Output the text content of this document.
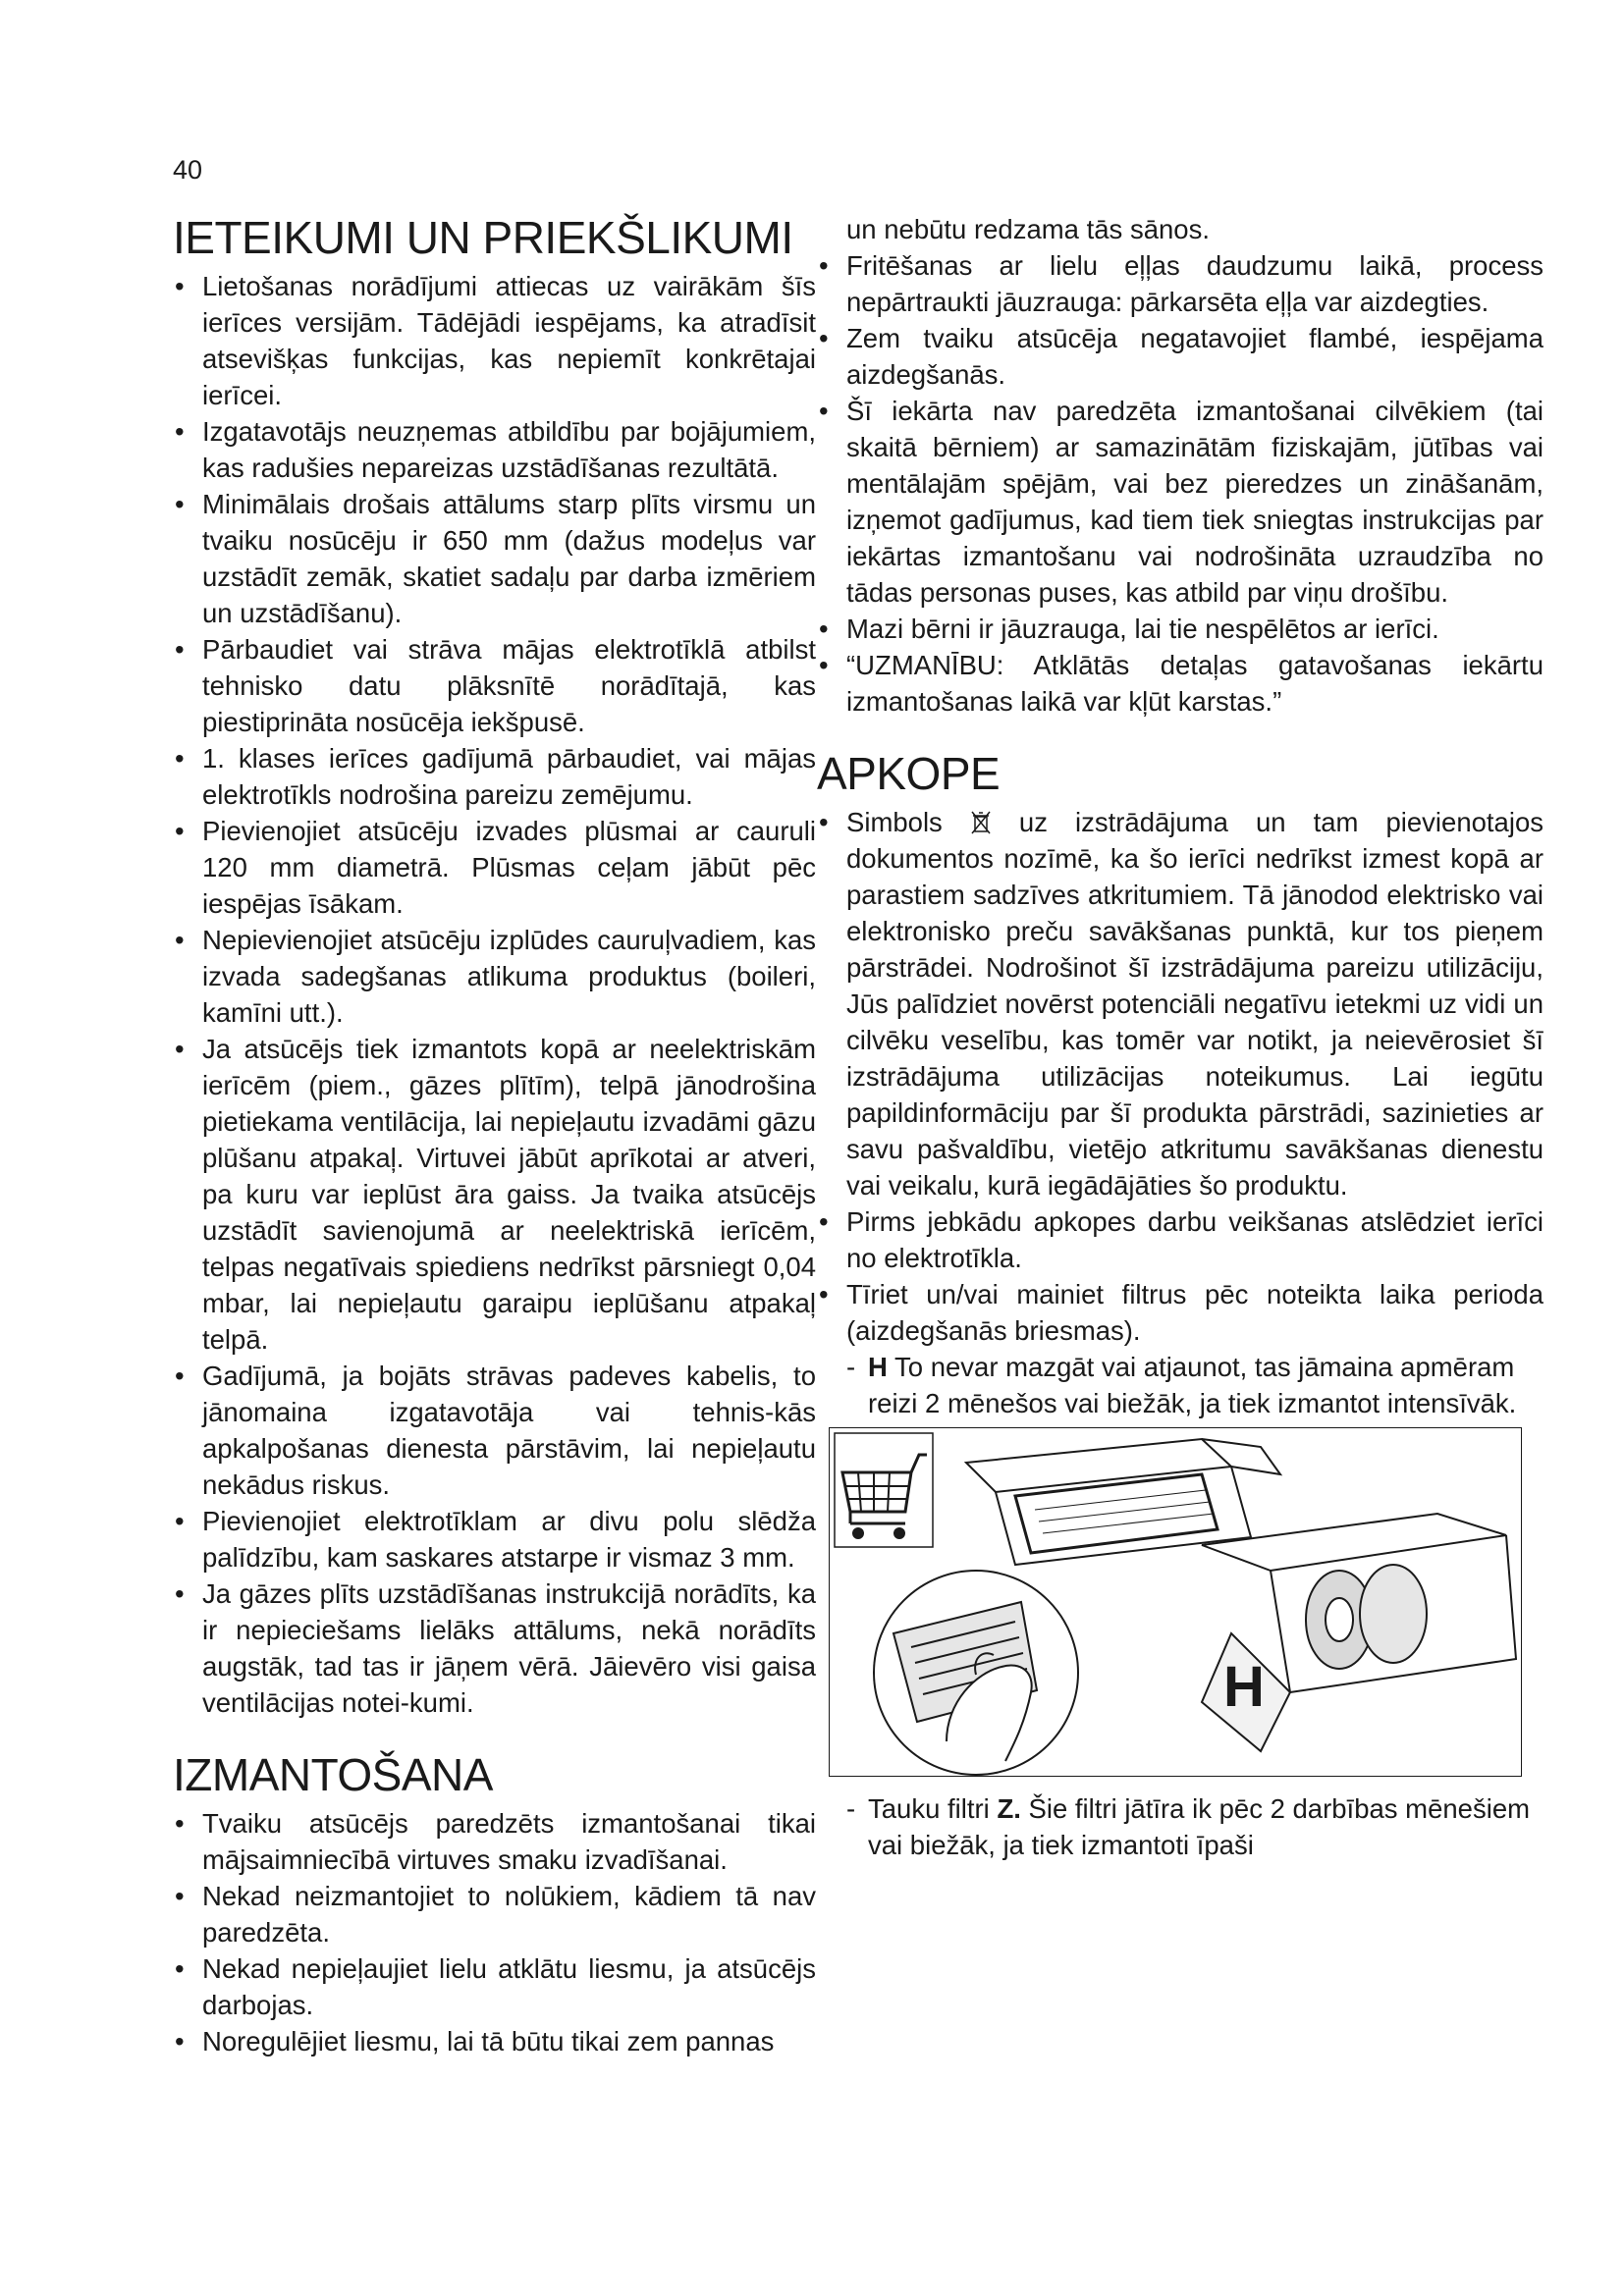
40
IETEIKUMI UN PRIEKŠLIKUMI
• Lietošanas norādījumi attiecas uz vairākām šīs ierīces versijām. Tādējādi iespējams, ka atradīsit atsevišķas funkcijas, kas nepiemīt konkrētajai ierīcei.
• Izgatavotājs neuzņemas atbildību par bojājumiem, kas radušies nepareizas uzstādīšanas rezultātā.
• Minimālais drošais attālums starp plīts virsmu un tvaiku nosūcēju ir 650 mm (dažus modeļus var uzstādīt zemāk, skatiet sadaļu par darba izmēriem un uzstādīšanu).
• Pārbaudiet vai strāva mājas elektrotīklā atbilst tehnisko datu plāksnītē norādītajā, kas piestiprināta nosūcēja iekšpusē.
• 1. klases ierīces gadījumā pārbaudiet, vai mājas elektrotīkls nodrošina pareizu zemējumu.
• Pievienojiet atsūcēju izvades plūsmai ar cauruli 120 mm diametrā. Plūsmas ceļam jābūt pēc iespējas īsākam.
• Nepievienojiet atsūcēju izplūdes cauruļvadiem, kas izvada sadegšanas atlikuma produktus (boileri, kamīni utt.).
• Ja atsūcējs tiek izmantots kopā ar neelektriskām ierīcēm (piem., gāzes plītīm), telpā jānodrošina pietiekama ventilācija, lai nepieļautu izvadāmi gāzu plūšanu atpakaļ. Virtuvei jābūt aprīkotai ar atveri, pa kuru var ieplūst āra gaiss. Ja tvaika atsūcējs uzstādīt savienojumā ar neelektriskā ierīcēm, telpas negatīvais spiediens nedrīkst pārsniegt 0,04 mbar, lai nepieļautu garaipu ieplūšanu atpakaļ telpā.
• Gadījumā, ja bojāts strāvas padeves kabelis, to jānomaina izgatavotāja vai tehnis-kās apkalpošanas dienesta pārstāvim, lai nepieļautu nekādus riskus.
• Pievienojiet elektrotīklam ar divu polu slēdža palīdzību, kam saskares atstarpe ir vismaz 3 mm.
• Ja gāzes plīts uzstādīšanas instrukcijā norādīts, ka ir nepieciešams lielāks attālums, nekā norādīts augstāk, tad tas ir jāņem vērā. Jāievēro visi gaisa ventilācijas notei-kumi.
IZMANTOŠANA
• Tvaiku atsūcējs paredzēts izmantošanai tikai mājsaimniecībā virtuves smaku izvadīšanai.
• Nekad neizmantojiet to nolūkiem, kādiem tā nav paredzēta.
• Nekad nepieļaujiet lielu atklātu liesmu, ja atsūcējs darbojas.
• Noregulējiet liesmu, lai tā būtu tikai zem pannas
un nebūtu redzama tās sānos.
• Fritēšanas ar lielu eļļas daudzumu laikā, process nepārtraukti jāuzrauga: pārkarsēta eļļa var aizdegties.
• Zem tvaiku atsūcēja negatavojiet flambé, iespējama aizdegšanās.
• Šī iekārta nav paredzēta izmantošanai cilvēkiem (tai skaitā bērniem) ar samazinātām fiziskajām, jūtības vai mentālajām spējām, vai bez pieredzes un zināšanām, izņemot gadījumus, kad tiem tiek sniegtas instrukcijas par iekārtas izmantošanu vai nodrošināta uzraudzība no tādas personas puses, kas atbild par viņu drošību.
• Mazi bērni ir jāuzrauga, lai tie nespēlētos ar ierīci.
• “UZMANĪBU: Atklātās detaļas gatavošanas iekārtu izmantošanas laikā var kļūt karstas.”
APKOPE
• Simbols	uz izstrādājuma un tam pievienotajos dokumentos nozīmē, ka šo ierīci nedrīkst izmest kopā ar parastiem sadzīves atkritumiem. Tā jānodod elektrisko vai elektronisko preču savākšanas punktā, kur tos pieņem pārstrādei. Nodrošinot šī izstrādājuma pareizu utilizāciju, Jūs palīdziet novērst potenciāli negatīvu ietekmi uz vidi un cilvēku veselību, kas tomēr var notikt, ja neievērosiet šī izstrādājuma utilizācijas noteikumus. Lai iegūtu papildinformāciju par šī produkta pārstrādi, sazinieties ar savu pašvaldību, vietējo atkritumu savākšanas dienestu vai veikalu, kurā iegādājāties šo produktu.
• Pirms jebkādu apkopes darbu veikšanas atslēdziet ierīci no elektrotīkla.
• Tīriet un/vai mainiet filtrus pēc noteikta laika perioda (aizdegšanās briesmas).
- H To nevar mazgāt vai atjaunot, tas jāmaina apmēram reizi 2 mēnešos vai biežāk, ja tiek izmantot intensīvāk.
H
- Tauku filtri Z. Šie filtri jātīra ik pēc 2 darbības mēnešiem vai biežāk, ja tiek izmantoti īpaši
